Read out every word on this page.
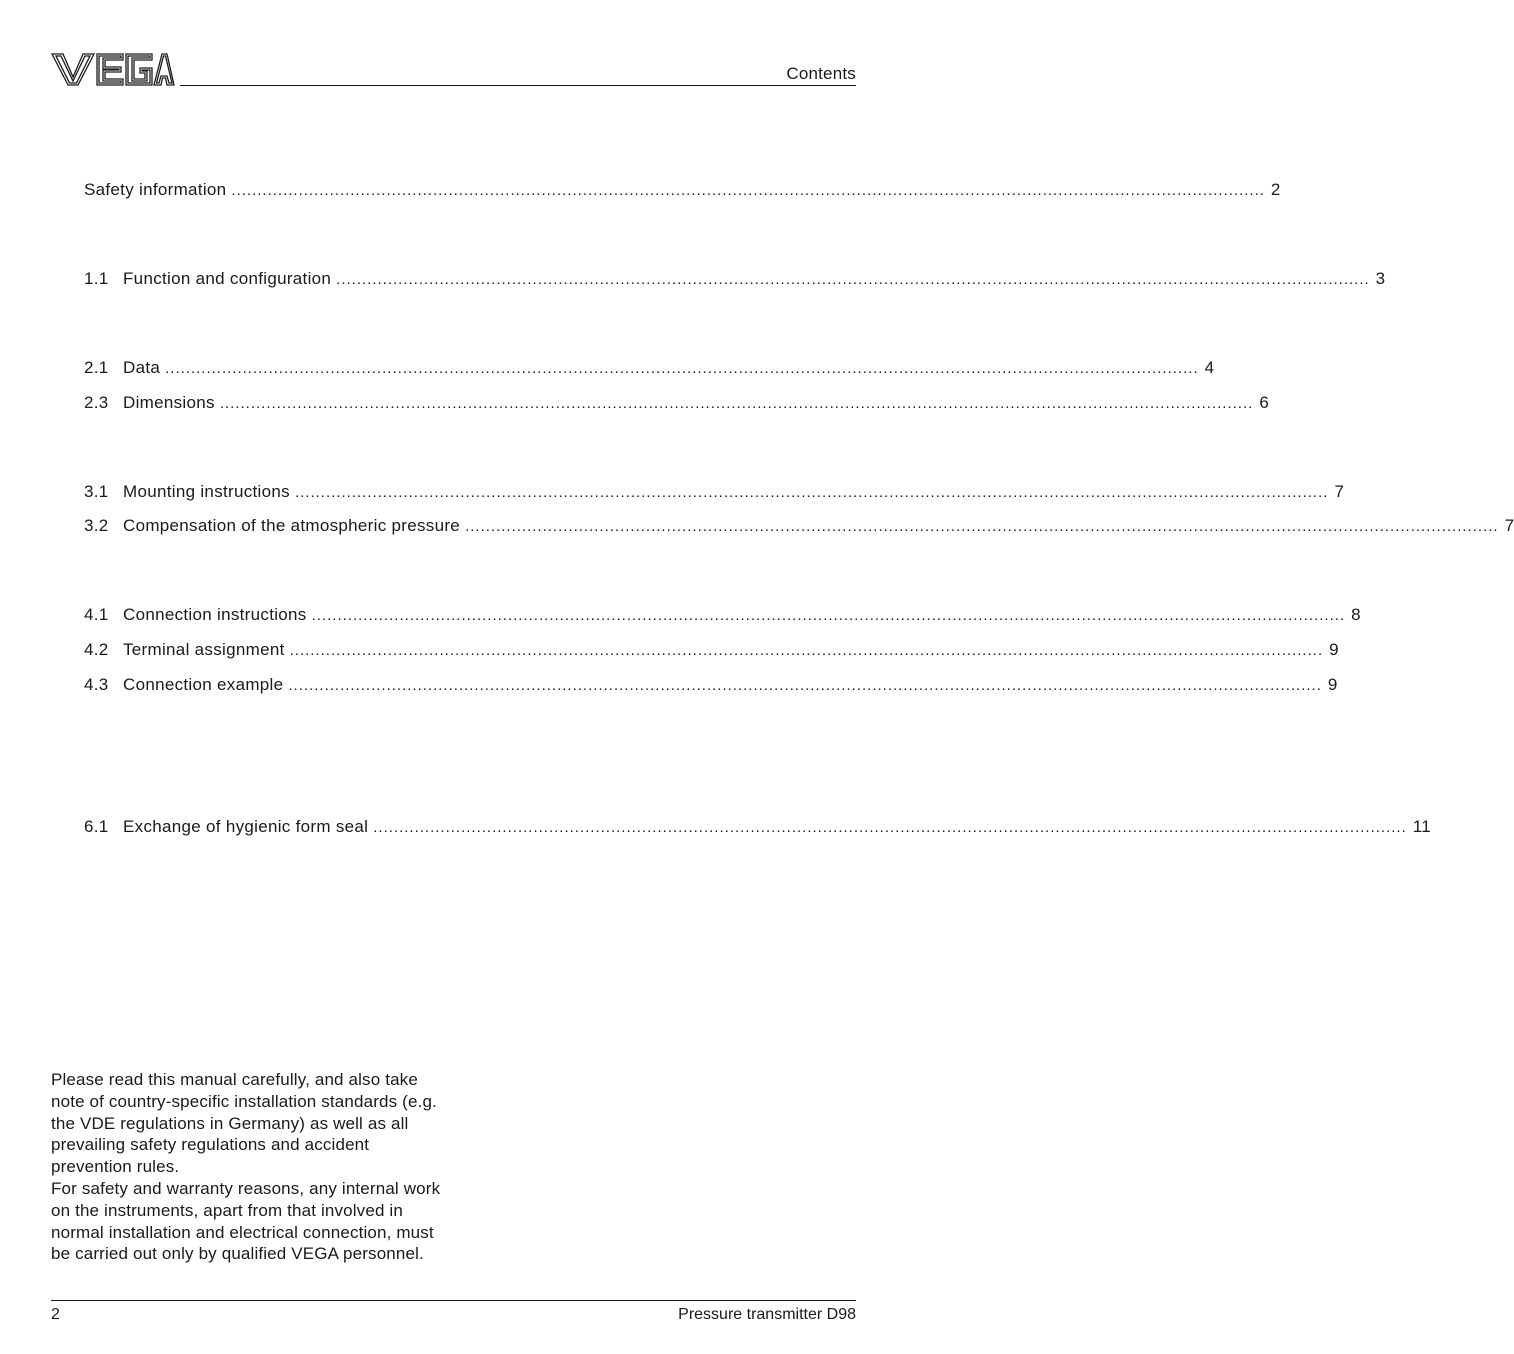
Contents
Safety information ........................................................................................................................................................................................................ 2
1.1 Function and configuration ........................................................................................................................................................................................................ 3
2.1 Data ........................................................................................................................................................................................................ 4
2.3 Dimensions ........................................................................................................................................................................................................ 6
3.1 Mounting instructions ........................................................................................................................................................................................................ 7
3.2 Compensation of the atmospheric pressure ........................................................................................................................................................................................................ 7
4.1 Connection instructions ........................................................................................................................................................................................................ 8
4.2 Terminal assignment ........................................................................................................................................................................................................ 9
4.3 Connection example ........................................................................................................................................................................................................ 9
6.1 Exchange of hygienic form seal ........................................................................................................................................................................................................ 11

Please read this manual carefully, and also take note of country-specific installation standards (e.g. the VDE regulations in Germany) as well as all prevailing safety regulations and accident prevention rules.

For safety and warranty reasons, any internal work on the instruments, apart from that involved in normal installation and electrical connection, must be carried out only by qualified VEGA personnel.

2	Pressure transmitter D98
